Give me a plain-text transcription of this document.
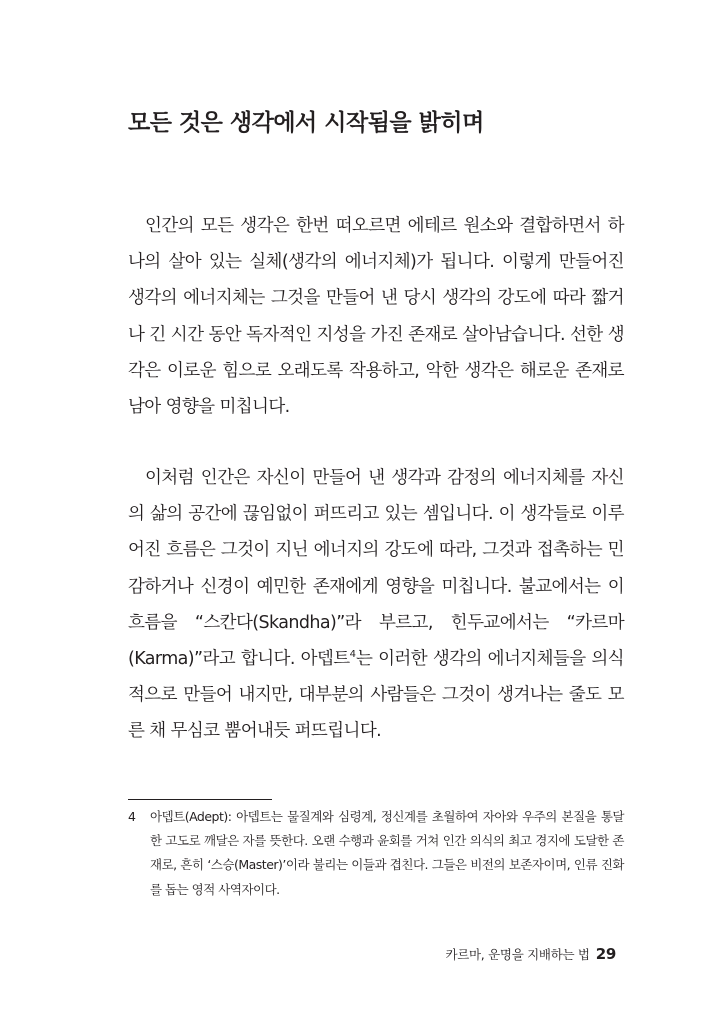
모든 것은 생각에서 시작됨을 밝히며

인간의 모든 생각은 한번 떠오르면 에테르 원소와 결합하면서 하나의 살아 있는 실체(생각의 에너지체)가 됩니다. 이렇게 만들어진 생각의 에너지체는 그것을 만들어 낸 당시 생각의 강도에 따라 짧거나 긴 시간 동안 독자적인 지성을 가진 존재로 살아남습니다. 선한 생각은 이로운 힘으로 오래도록 작용하고, 악한 생각은 해로운 존재로 남아 영향을 미칩니다.

이처럼 인간은 자신이 만들어 낸 생각과 감정의 에너지체를 자신의 삶의 공간에 끊임없이 퍼뜨리고 있는 셈입니다. 이 생각들로 이루어진 흐름은 그것이 지닌 에너지의 강도에 따라, 그것과 접촉하는 민감하거나 신경이 예민한 존재에게 영향을 미칩니다. 불교에서는 이 흐름을 “스칸다(Skandha)”라 부르고, 힌두교에서는 “카르마(Karma)”라고 합니다. 아뎁트$^4$는 이러한 생각의 에너지체들을 의식적으로 만들어 내지만, 대부분의 사람들은 그것이 생겨나는 줄도 모른 채 무심코 뿜어내듯 퍼뜨립니다.

4 아뎁트(Adept): 아뎁트는 물질계와 심령계, 정신계를 초월하여 자아와 우주의 본질을 통달한 고도로 깨달은 자를 뜻한다. 오랜 수행과 윤회를 거쳐 인간 의식의 최고 경지에 도달한 존재로, 흔히 ‘스승(Master)’이라 불리는 이들과 겹친다. 그들은 비전의 보존자이며, 인류 진화를 돕는 영적 사역자이다.

카르마, 운명을 지배하는 법 29
